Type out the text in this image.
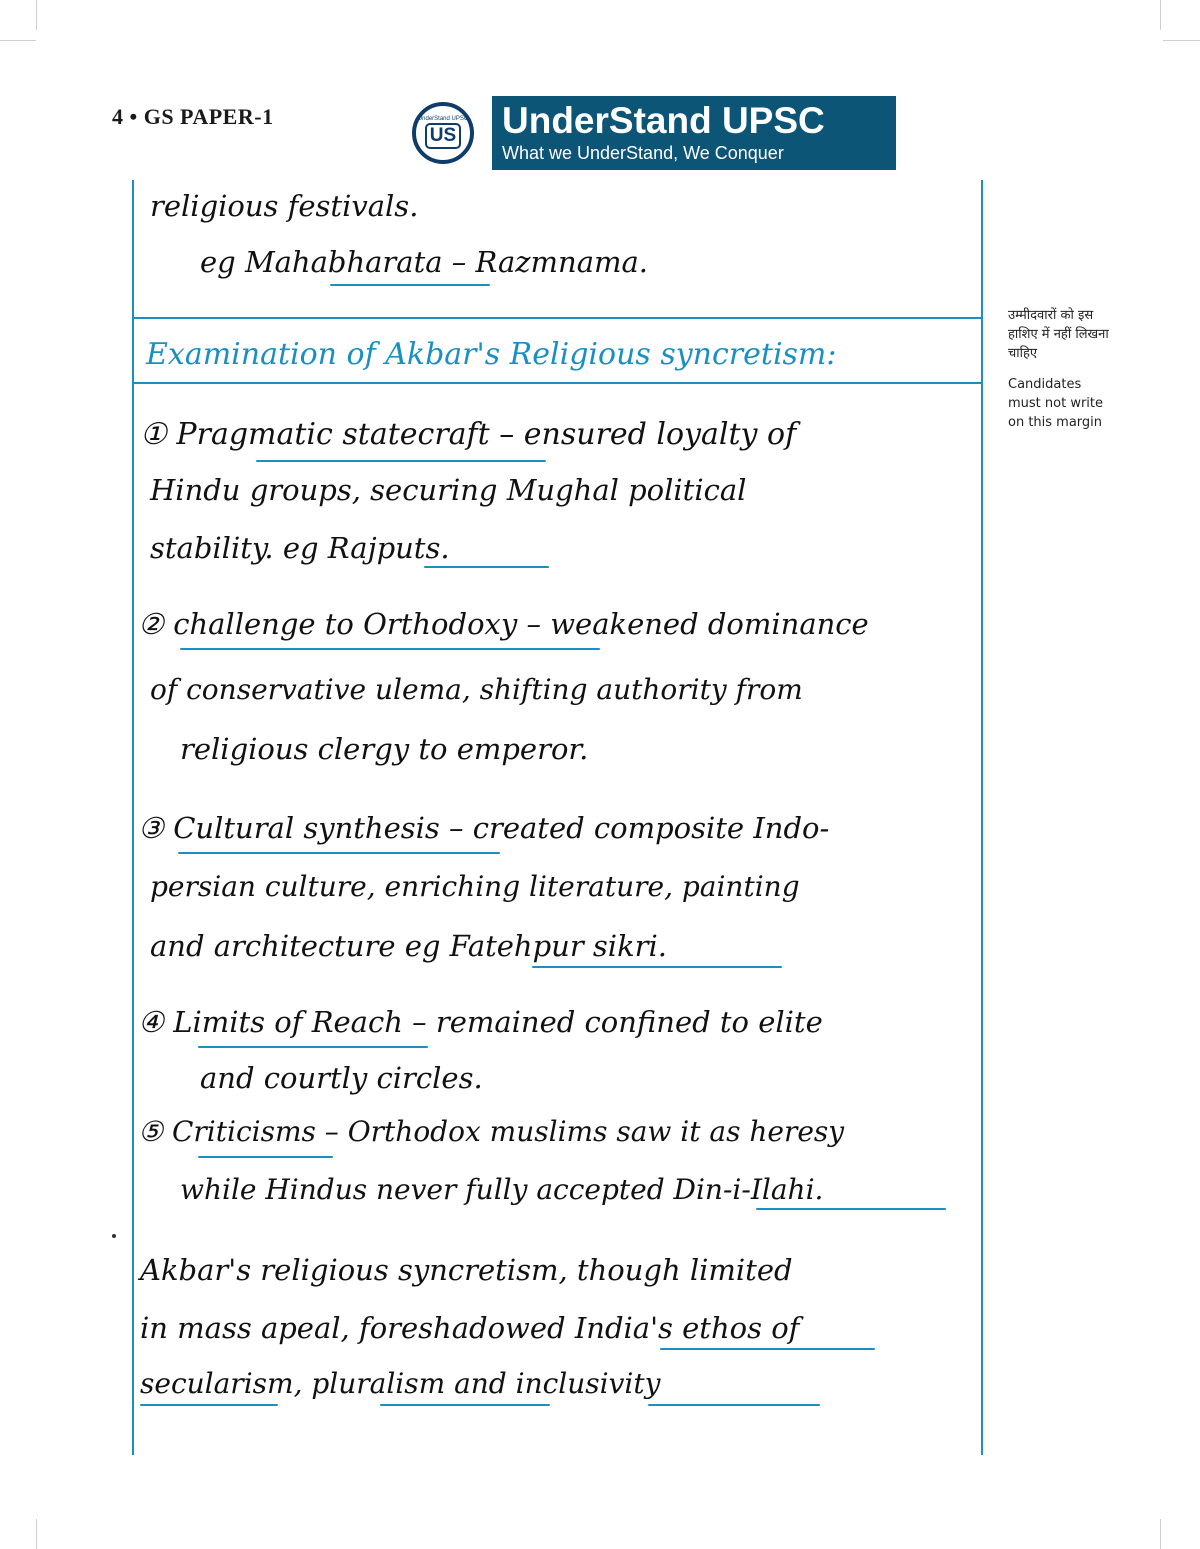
4 • GS PAPER-1	UnderStand UPSC
US UnderStand UPSC
What we UnderStand, We Conquer
उम्मीदवारों को इस हाशिए में नहीं लिखना चाहिए
Candidates must not write on this margin
religious festivals.
eg Mahabharata – Razmnama.
Examination of Akbar's Religious syncretism:
① Pragmatic statecraft – ensured loyalty of
Hindu groups, securing Mughal political
stability. eg Rajputs.
② challenge to Orthodoxy – weakened dominance
of conservative ulema, shifting authority from
religious clergy to emperor.
③ Cultural synthesis – created composite Indo-
persian culture, enriching literature, painting
and architecture eg Fatehpur sikri.
④ Limits of Reach – remained confined to elite
and courtly circles.
⑤ Criticisms – Orthodox muslims saw it as heresy
while Hindus never fully accepted Din-i-Ilahi.
Akbar's religious syncretism, though limited
in mass apeal, foreshadowed India's ethos of
secularism, pluralism and inclusivity
